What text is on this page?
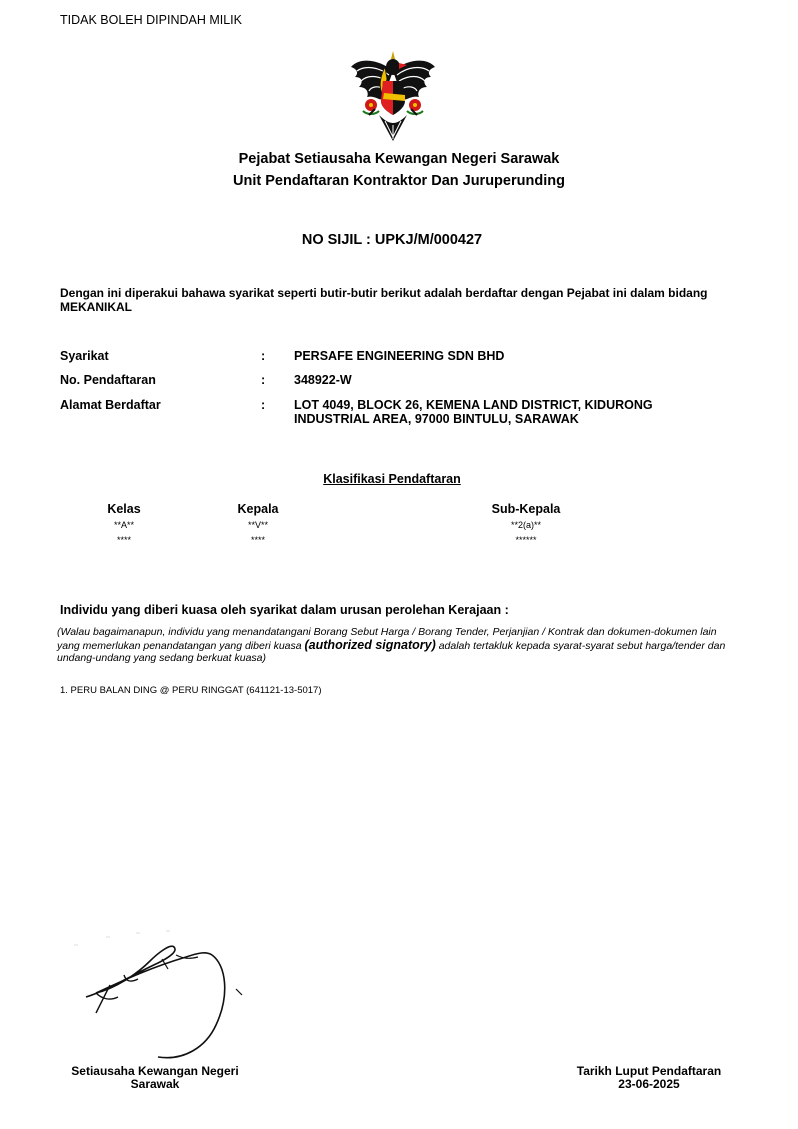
TIDAK BOLEH DIPINDAH MILIK
Pejabat Setiausaha Kewangan Negeri Sarawak
Unit Pendaftaran Kontraktor Dan Juruperunding
NO SIJIL : UPKJ/M/000427
Dengan ini diperakui bahawa syarikat seperti butir-butir berikut adalah berdaftar dengan Pejabat ini dalam bidang MEKANIKAL
Syarikat	: PERSAFE ENGINEERING SDN BHD
No. Pendaftaran	: 348922-W
Alamat Berdaftar	: LOT 4049, BLOCK 26, KEMENA LAND DISTRICT, KIDURONG INDUSTRIAL AREA, 97000 BINTULU, SARAWAK
Klasifikasi Pendaftaran
Kelas	Kepala	Sub-Kepala
**A**	**V**	**2(a)**
****	****	******
Individu yang diberi kuasa oleh syarikat dalam urusan perolehan Kerajaan :
(Walau bagaimanapun, individu yang menandatangani Borang Sebut Harga / Borang Tender, Perjanjian / Kontrak dan dokumen-dokumen lain yang memerlukan penandatangan yang diberi kuasa (authorized signatory) adalah tertakluk kepada syarat-syarat sebut harga/tender dan undang-undang yang sedang berkuat kuasa)
1. PERU BALAN DING @ PERU RINGGAT (641121-13-5017)
Setiausaha Kewangan Negeri
Sarawak
Tarikh Luput Pendaftaran
23-06-2025
